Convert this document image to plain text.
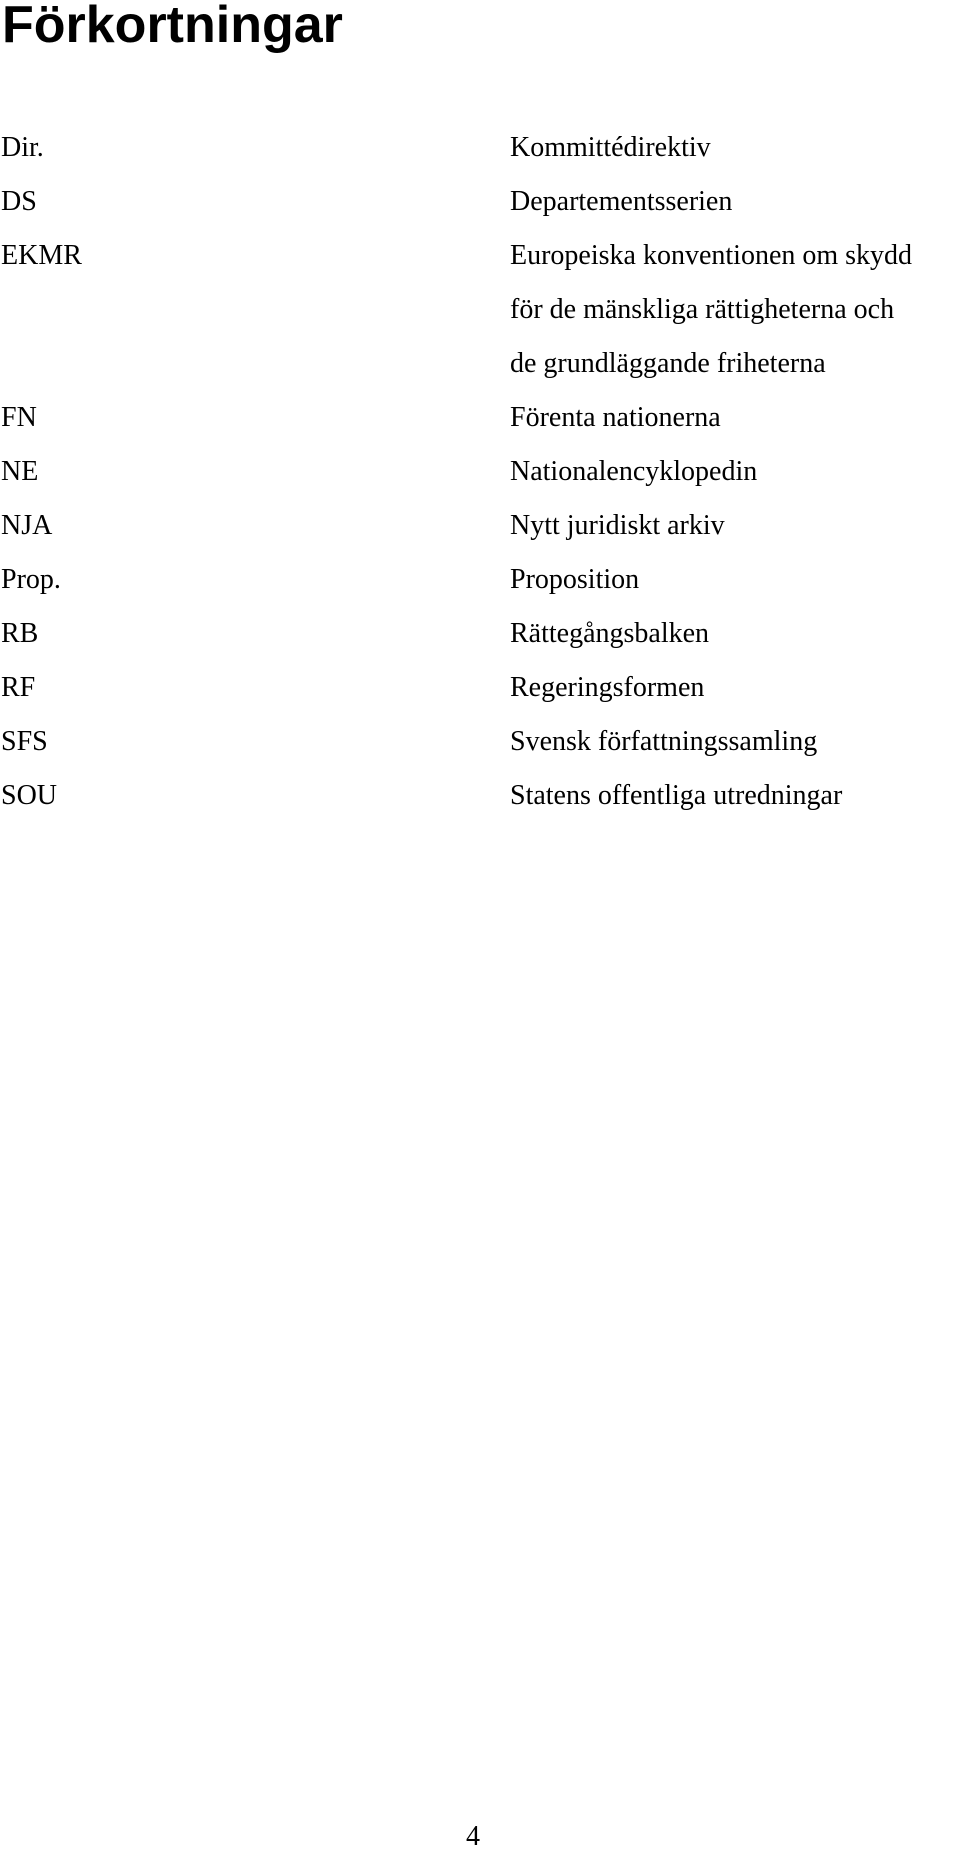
Förkortningar
Dir.	Kommittédirektiv
DS	Departementsserien
EKMR	Europeiska konventionen om skydd
för de mänskliga rättigheterna och
de grundläggande friheterna
FN	Förenta nationerna
NE	Nationalencyklopedin
NJA	Nytt juridiskt arkiv
Prop.	Proposition
RB	Rättegångsbalken
RF	Regeringsformen
SFS	Svensk författningssamling
SOU	Statens offentliga utredningar
4
